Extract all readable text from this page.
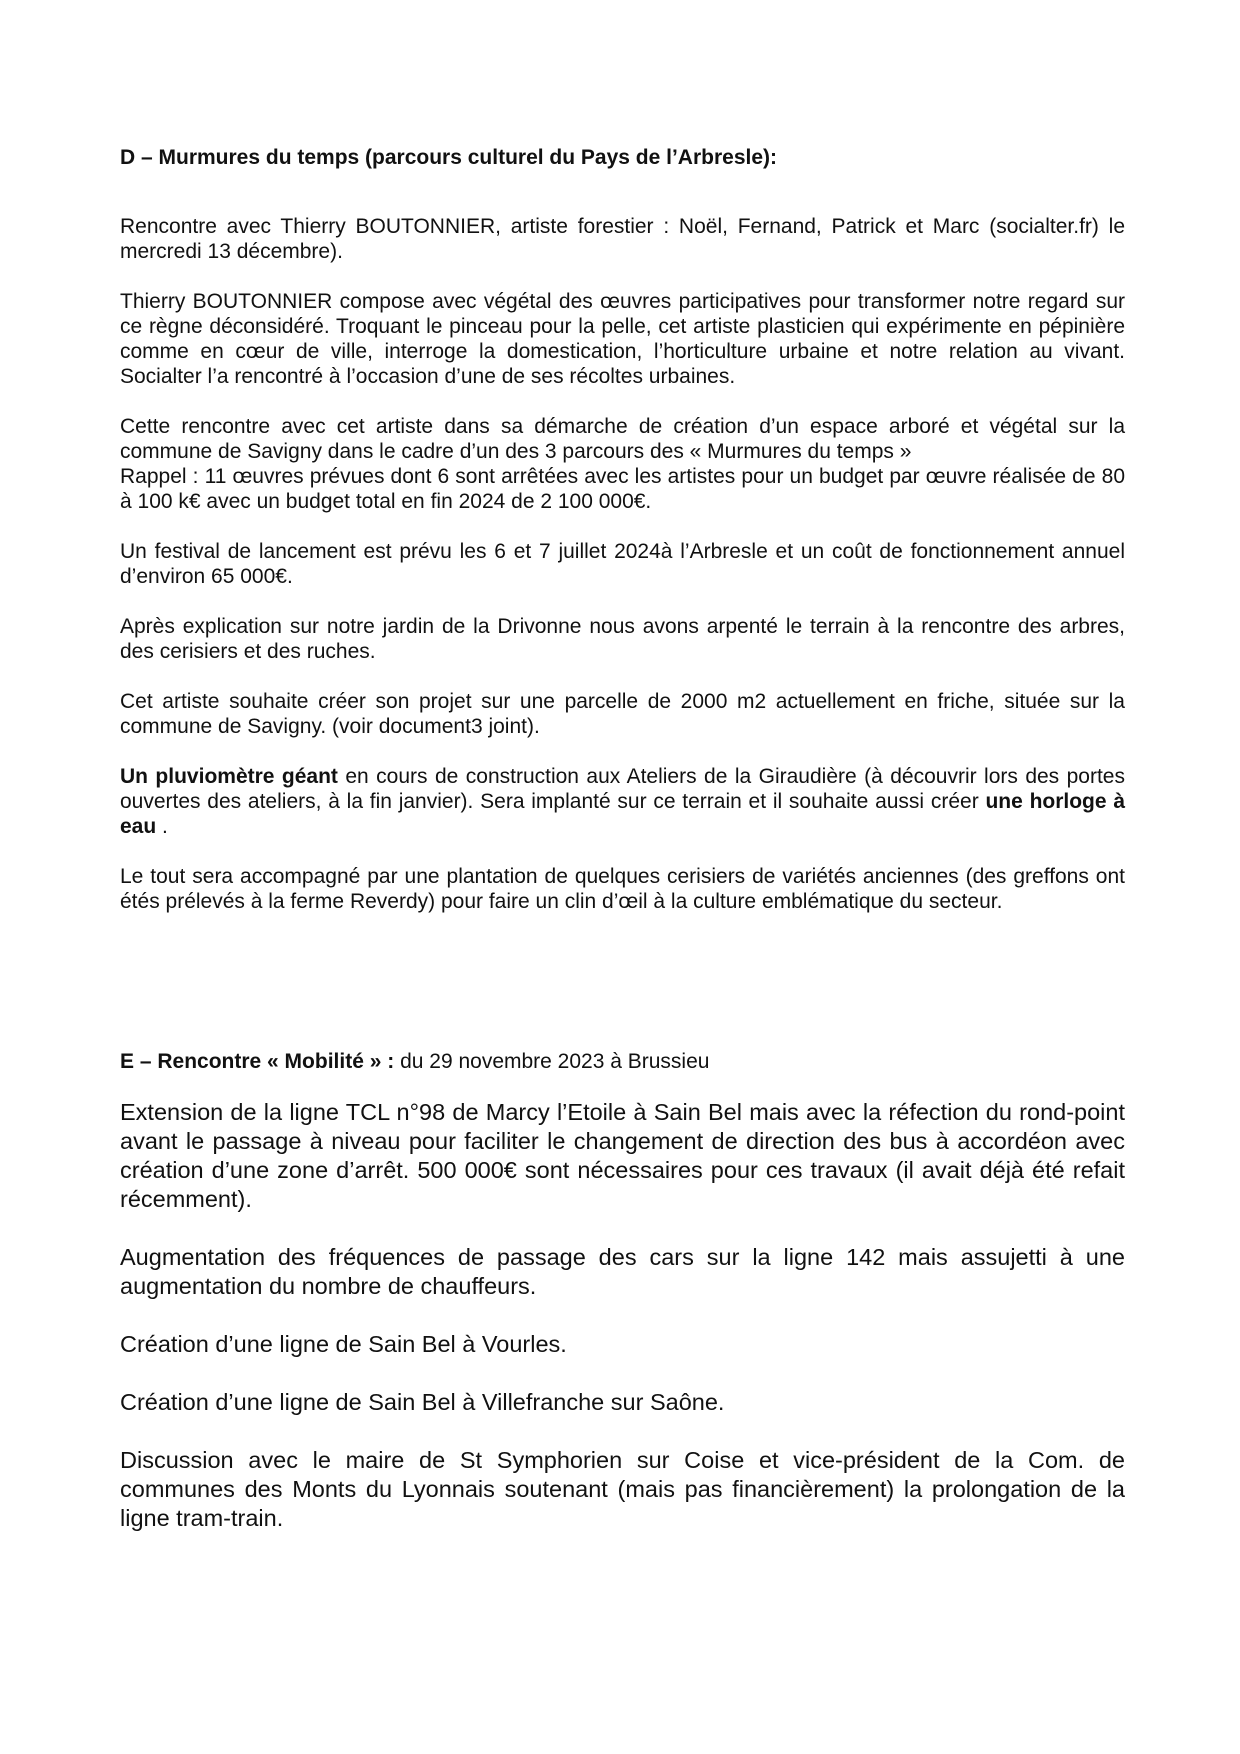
D – Murmures du temps (parcours culturel du Pays de l’Arbresle):

Rencontre avec Thierry BOUTONNIER, artiste forestier : Noël, Fernand, Patrick et Marc (socialter.fr) le mercredi 13 décembre).

Thierry BOUTONNIER compose avec végétal des œuvres participatives pour transformer notre regard sur ce règne déconsidéré. Troquant le pinceau pour la pelle, cet artiste plasticien qui expérimente en pépinière comme en cœur de ville, interroge la domestication, l’horticulture urbaine et notre relation au vivant. Socialter l’a rencontré à l’occasion d’une de ses récoltes urbaines.

Cette rencontre avec cet artiste dans sa démarche de création d’un espace arboré et végétal sur la commune de Savigny dans le cadre d’un des 3 parcours des « Murmures du temps »
Rappel : 11 œuvres prévues dont 6 sont arrêtées avec les artistes pour un budget par œuvre réalisée de 80 à 100 k€ avec un budget total en fin 2024 de 2 100 000€.

Un festival de lancement est prévu les 6 et 7 juillet 2024à l’Arbresle et un coût de fonctionnement annuel d’environ 65 000€.

Après explication sur notre jardin de la Drivonne nous avons arpenté le terrain à la rencontre des arbres, des cerisiers et des ruches.

Cet artiste souhaite créer son projet sur une parcelle de 2000 m2 actuellement en friche, située sur la commune de Savigny. (voir document3 joint).

Un pluviomètre géant en cours de construction aux Ateliers de la Giraudière (à découvrir lors des portes ouvertes des ateliers, à la fin janvier). Sera implanté sur ce terrain et il souhaite aussi créer une horloge à eau .

Le tout sera accompagné par une plantation de quelques cerisiers de variétés anciennes (des greffons ont étés prélevés à la ferme Reverdy) pour faire un clin d’œil à la culture emblématique du secteur.

E – Rencontre « Mobilité » : du 29 novembre 2023 à Brussieu

Extension de la ligne TCL n°98 de Marcy l’Etoile à Sain Bel mais avec la réfection du rond-point avant le passage à niveau pour faciliter le changement de direction des bus à accordéon avec création d’une zone d’arrêt. 500 000€ sont nécessaires pour ces travaux (il avait déjà été refait récemment).

Augmentation des fréquences de passage des cars sur la ligne 142 mais assujetti à une augmentation du nombre de chauffeurs.

Création d’une ligne de Sain Bel à Vourles.

Création d’une ligne de Sain Bel à Villefranche sur Saône.

Discussion avec le maire de St Symphorien sur Coise et vice-président de la Com. de communes des Monts du Lyonnais soutenant (mais pas financièrement) la prolongation de la ligne tram-train.
